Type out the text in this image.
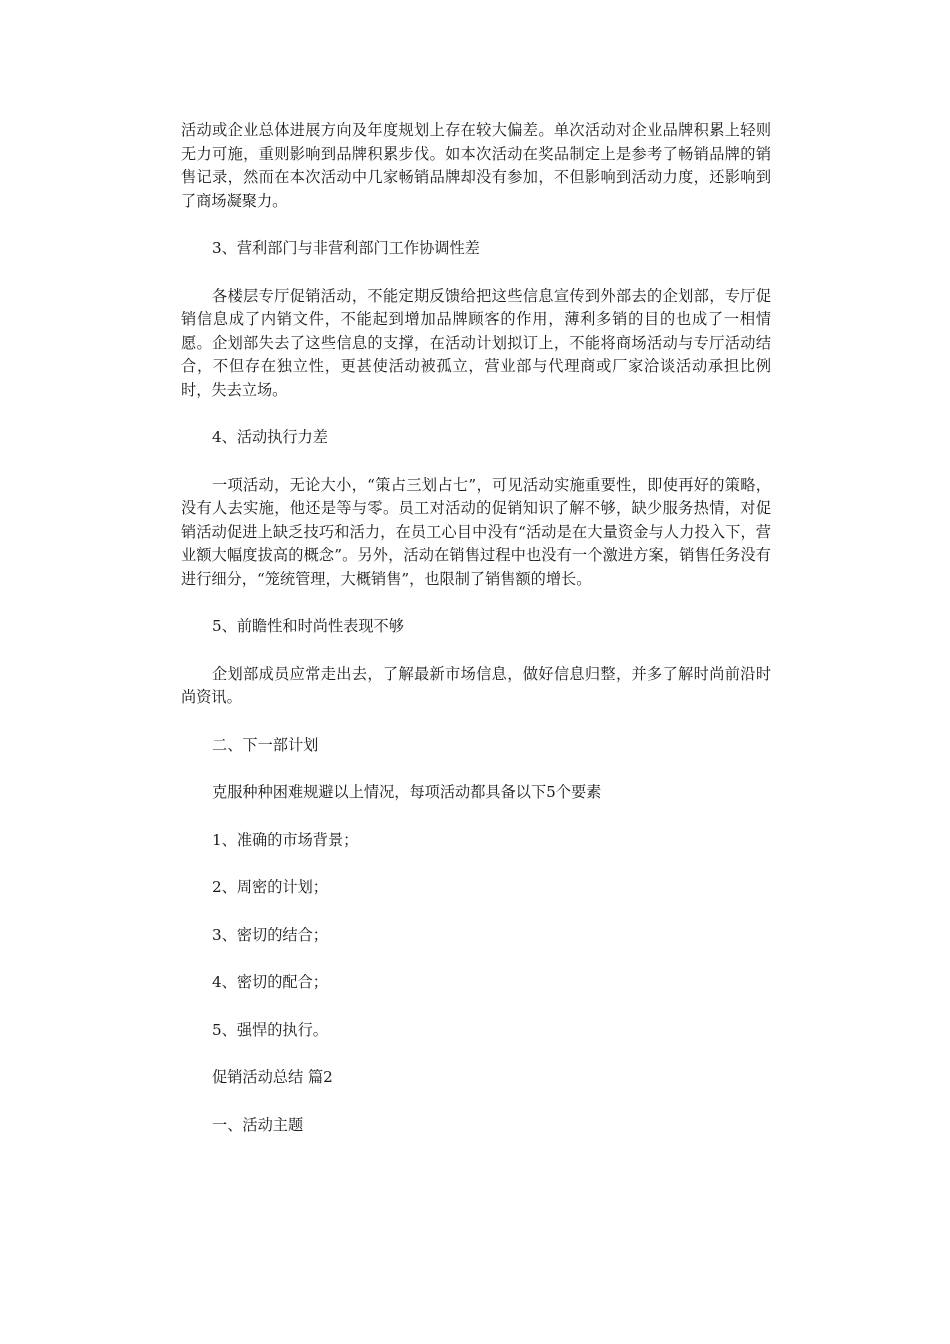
活动或企业总体进展方向及年度规划上存在较大偏差。单次活动对企业品牌积累上轻则无力可施，重则影响到品牌积累步伐。如本次活动在奖品制定上是参考了畅销品牌的销售记录，然而在本次活动中几家畅销品牌却没有参加，不但影响到活动力度，还影响到了商场凝聚力。

3、营利部门与非营利部门工作协调性差

各楼层专厅促销活动，不能定期反馈给把这些信息宣传到外部去的企划部，专厅促销信息成了内销文件，不能起到增加品牌顾客的作用，薄利多销的目的也成了一相情愿。企划部失去了这些信息的支撑，在活动计划拟订上，不能将商场活动与专厅活动结合，不但存在独立性，更甚使活动被孤立，营业部与代理商或厂家洽谈活动承担比例时，失去立场。

4、活动执行力差

一项活动，无论大小，“策占三划占七”，可见活动实施重要性，即使再好的策略，没有人去实施，他还是等与零。员工对活动的促销知识了解不够，缺少服务热情，对促销活动促进上缺乏技巧和活力，在员工心目中没有“活动是在大量资金与人力投入下，营业额大幅度拔高的概念”。另外，活动在销售过程中也没有一个激进方案，销售任务没有进行细分，“笼统管理，大概销售”，也限制了销售额的增长。

5、前瞻性和时尚性表现不够

企划部成员应常走出去，了解最新市场信息，做好信息归整，并多了解时尚前沿时尚资讯。

二、下一部计划

克服种种困难规避以上情况，每项活动都具备以下5个要素

1、准确的市场背景；

2、周密的计划；

3、密切的结合；

4、密切的配合；

5、强悍的执行。

促销活动总结 篇2

一、活动主题
